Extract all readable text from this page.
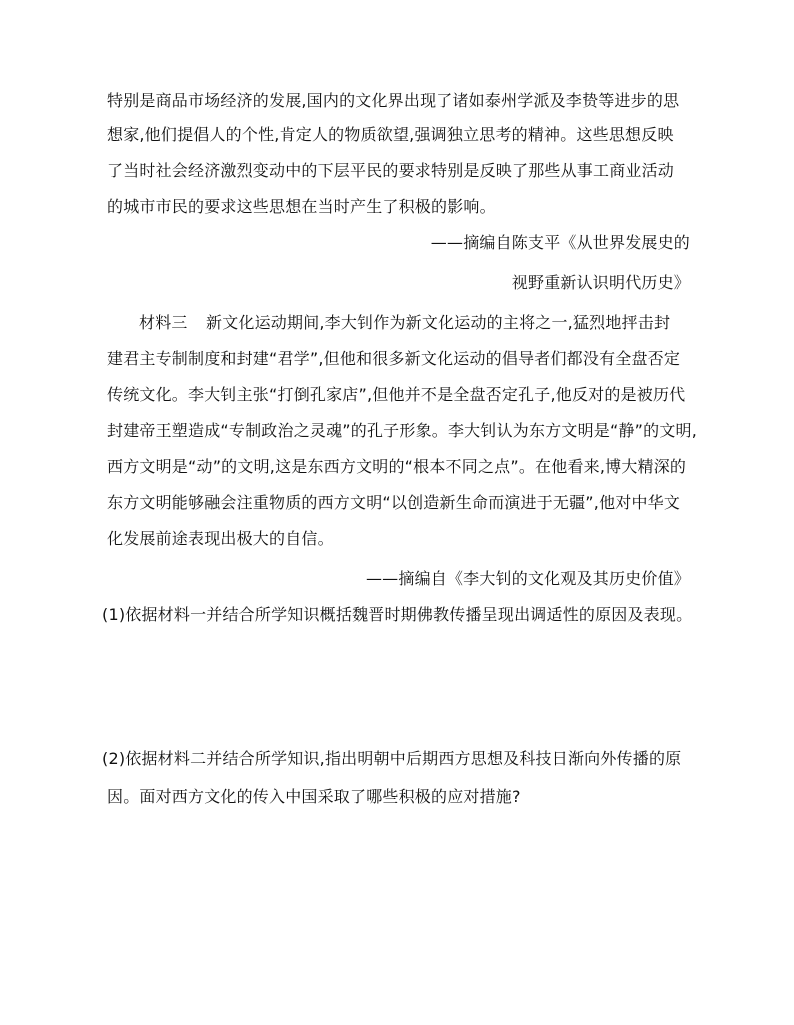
特别是商品市场经济的发展,国内的文化界出现了诸如泰州学派及李贽等进步的思
想家,他们提倡人的个性,肯定人的物质欲望,强调独立思考的精神。这些思想反映
了当时社会经济激烈变动中的下层平民的要求特别是反映了那些从事工商业活动
的城市市民的要求这些思想在当时产生了积极的影响。
——摘编自陈支平《从世界发展史的
视野重新认识明代历史》
材料三 新文化运动期间,李大钊作为新文化运动的主将之一,猛烈地抨击封
建君主专制制度和封建“君学”,但他和很多新文化运动的倡导者们都没有全盘否定
传统文化。李大钊主张“打倒孔家店”,但他并不是全盘否定孔子,他反对的是被历代
封建帝王塑造成“专制政治之灵魂”的孔子形象。李大钊认为东方文明是“静”的文明,
西方文明是“动”的文明,这是东西方文明的“根本不同之点”。在他看来,博大精深的
东方文明能够融会注重物质的西方文明“以创造新生命而演进于无疆”,他对中华文
化发展前途表现出极大的自信。
——摘编自《李大钊的文化观及其历史价值》
(1)依据材料一并结合所学知识概括魏晋时期佛教传播呈现出调适性的原因及表现。
(2)依据材料二并结合所学知识,指出明朝中后期西方思想及科技日渐向外传播的原
因。面对西方文化的传入中国采取了哪些积极的应对措施?
